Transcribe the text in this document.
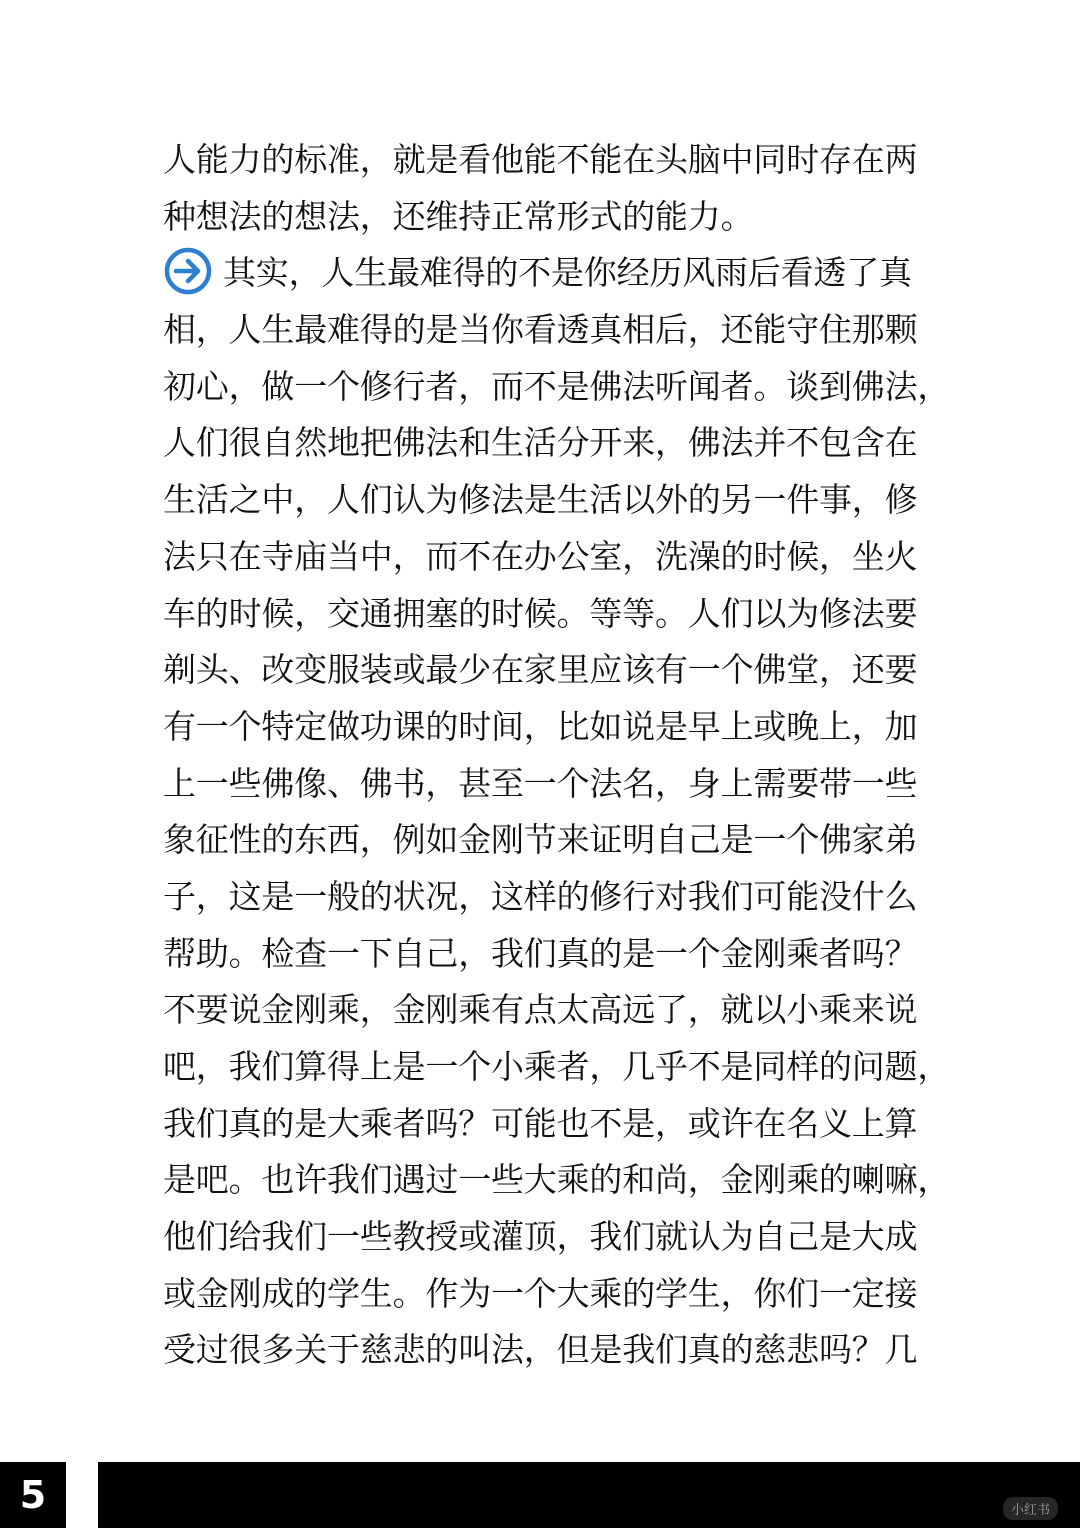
人能力的标准，就是看他能不能在头脑中同时存在两
种想法的想法，还维持正常形式的能力。
其实，人生最难得的不是你经历风雨后看透了真
相，人生最难得的是当你看透真相后，还能守住那颗
初心，做一个修行者，而不是佛法听闻者。谈到佛法，
人们很自然地把佛法和生活分开来，佛法并不包含在
生活之中，人们认为修法是生活以外的另一件事，修
法只在寺庙当中，而不在办公室，洗澡的时候，坐火
车的时候，交通拥塞的时候。等等。人们以为修法要
剃头、改变服装或最少在家里应该有一个佛堂，还要
有一个特定做功课的时间，比如说是早上或晚上，加
上一些佛像、佛书，甚至一个法名，身上需要带一些
象征性的东西，例如金刚节来证明自己是一个佛家弟
子，这是一般的状况，这样的修行对我们可能没什么
帮助。检查一下自己，我们真的是一个金刚乘者吗？
不要说金刚乘，金刚乘有点太高远了，就以小乘来说
吧，我们算得上是一个小乘者，几乎不是同样的问题，
我们真的是大乘者吗？可能也不是，或许在名义上算
是吧。也许我们遇过一些大乘的和尚，金刚乘的喇嘛，
他们给我们一些教授或灌顶，我们就认为自己是大成
或金刚成的学生。作为一个大乘的学生，你们一定接
受过很多关于慈悲的叫法，但是我们真的慈悲吗？几
5	小红书
